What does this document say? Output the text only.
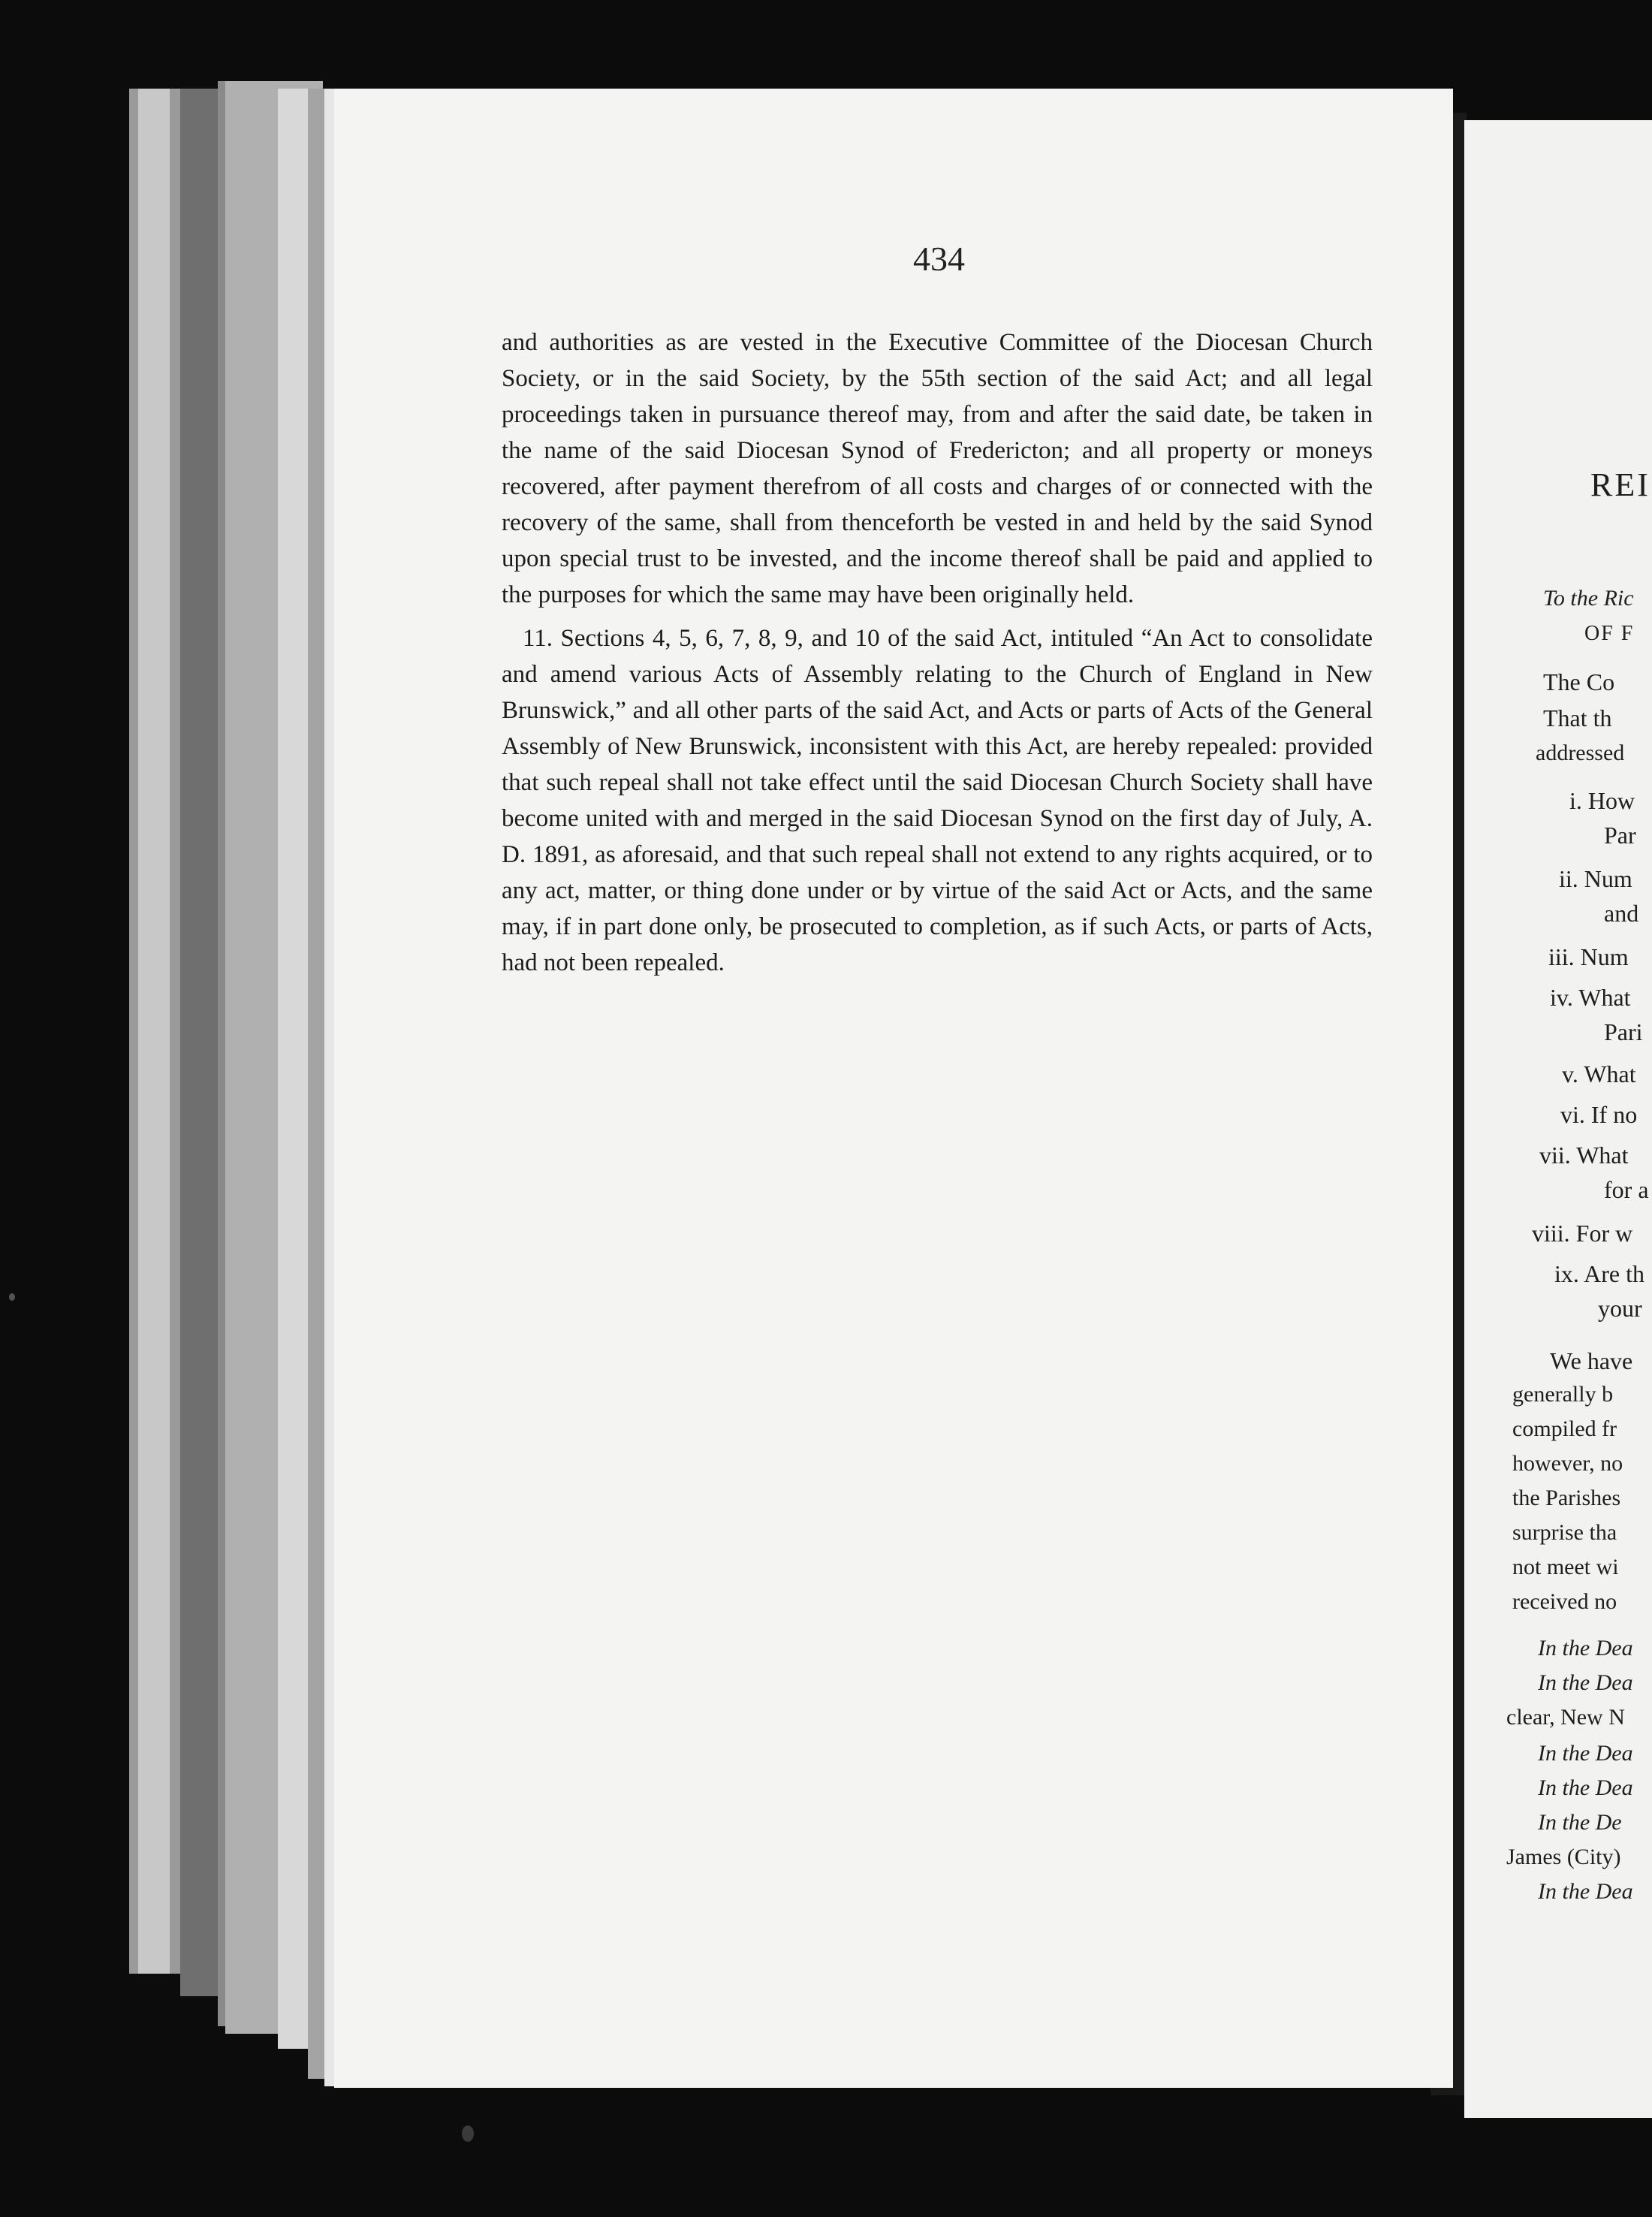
434

and authorities as are vested in the Executive Committee of the Diocesan Church Society, or in the said Society, by the 55th section of the said Act; and all legal proceedings taken in pursuance thereof may, from and after the said date, be taken in the name of the said Diocesan Synod of Fredericton; and all property or moneys recovered, after payment therefrom of all costs and charges of or connected with the recovery of the same, shall from thenceforth be vested in and held by the said Synod upon special trust to be invested, and the income thereof shall be paid and applied to the purposes for which the same may have been originally held.

11. Sections 4, 5, 6, 7, 8, 9, and 10 of the said Act, intituled “An Act to consolidate and amend various Acts of Assembly relating to the Church of England in New Brunswick,” and all other parts of the said Act, and Acts or parts of Acts of the General Assembly of New Brunswick, inconsistent with this Act, are hereby repealed: provided that such repeal shall not take effect until the said Diocesan Church Society shall have become united with and merged in the said Diocesan Synod on the first day of July, A. D. 1891, as aforesaid, and that such repeal shall not extend to any rights acquired, or to any act, matter, or thing done under or by virtue of the said Act or Acts, and the same may, if in part done only, be prosecuted to completion, as if such Acts, or parts of Acts, had not been repealed.

REI
To the Ric
OF F
The Co
That th
addressed
i. How
Par
ii. Num
and
iii. Num
iv. What
Pari
v. What
vi. If no
vii. What
for a
viii. For w
ix. Are th
your
We have
generally b
compiled fr
however, no
the Parishes
surprise tha
not meet wi
received no
In the Dea
In the Dea
clear, New N
In the Dea
In the Dea
In the De
James (City)
In the Dea
